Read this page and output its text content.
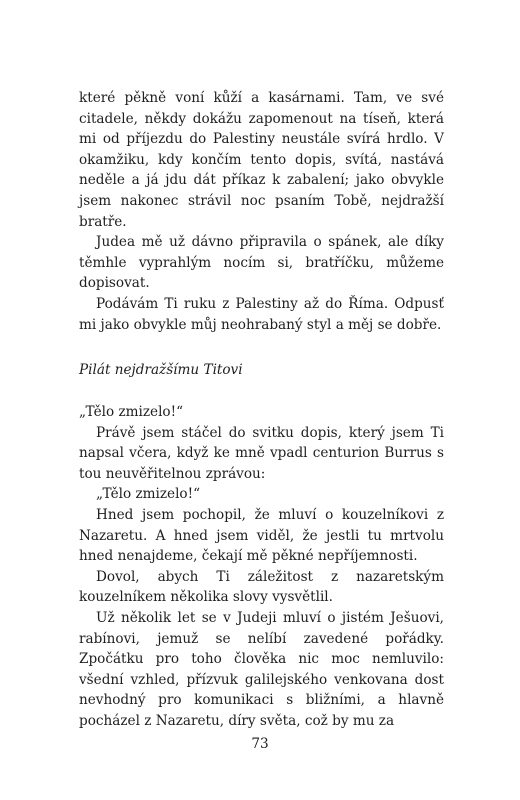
které pěkně voní kůží a kasárnami. Tam, ve své citadele, někdy dokážu zapomenout na tíseň, která mi od příjezdu do Palestiny neustále svírá hrdlo. V okamžiku, kdy končím tento dopis, svítá, nastává neděle a já jdu dát příkaz k zabalení; jako obvykle jsem nakonec strávil noc psaním Tobě, nejdražší bratře.

Judea mě už dávno připravila o spánek, ale díky těmhle vyprahlým nocím si, bratříčku, můžeme dopisovat.

Podávám Ti ruku z Palestiny až do Říma. Odpusť mi jako obvykle můj neohrabaný styl a měj se dobře.

Pilát nejdražšímu Titovi

„Tělo zmizelo!“

Právě jsem stáčel do svitku dopis, který jsem Ti napsal včera, když ke mně vpadl centurion Burrus s tou neuvěřitelnou zprávou:

„Tělo zmizelo!“

Hned jsem pochopil, že mluví o kouzelníkovi z Nazaretu. A hned jsem viděl, že jestli tu mrtvolu hned nenajdeme, čekají mě pěkné nepříjemnosti.

Dovol, abych Ti záležitost z nazaretským kouzelníkem několika slovy vysvětlil.

Už několik let se v Judeji mluví o jistém Ješuovi, rabínovi, jemuž se nelíbí zavedené pořádky. Zpočátku pro toho člověka nic moc nemluvilo: všední vzhled, přízvuk galilejského venkovana dost nevhodný pro komunikaci s bližními, a hlavně pocházel z Nazaretu, díry světa, což by mu za

73
